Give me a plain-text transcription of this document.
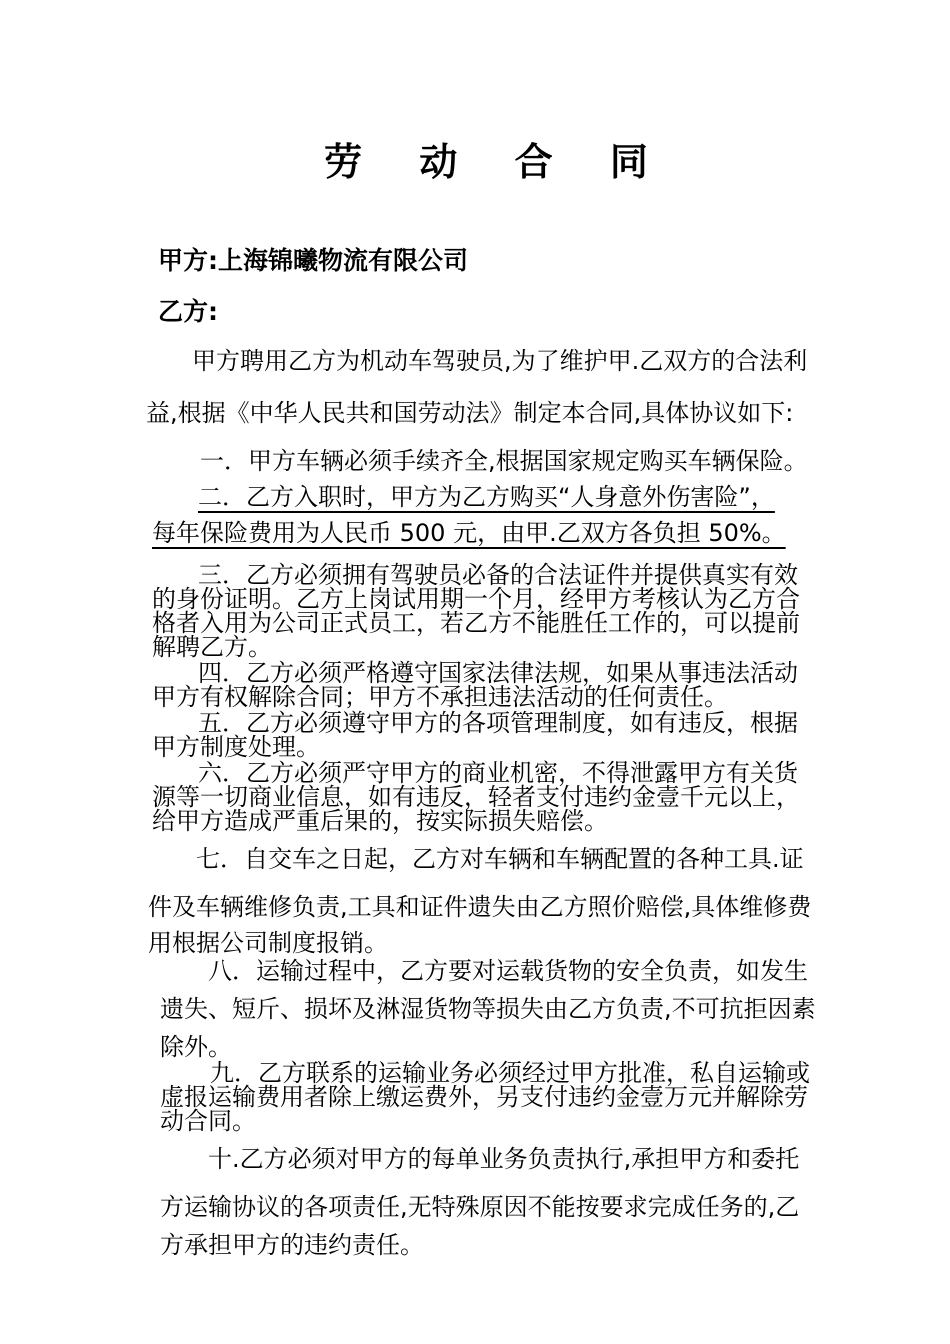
劳 动 合 同

甲方:上海锦曦物流有限公司

乙方:

甲方聘用乙方为机动车驾驶员,为了维护甲.乙双方的合法利

益,根据《中华人民共和国劳动法》制定本合同,具体协议如下:

一．甲方车辆必须手续齐全,根据国家规定购买车辆保险。

二．乙方入职时，甲方为乙方购买“人身意外伤害险”，

每年保险费用为人民币 500 元，由甲.乙双方各负担 50%。

三．乙方必须拥有驾驶员必备的合法证件并提供真实有效

的身份证明。乙方上岗试用期一个月，经甲方考核认为乙方合

格者入用为公司正式员工，若乙方不能胜任工作的，可以提前

解聘乙方。

四．乙方必须严格遵守国家法律法规，如果从事违法活动

甲方有权解除合同；甲方不承担违法活动的任何责任。

五．乙方必须遵守甲方的各项管理制度，如有违反，根据

甲方制度处理。

六．乙方必须严守甲方的商业机密，不得泄露甲方有关货

源等一切商业信息，如有违反，轻者支付违约金壹千元以上，

给甲方造成严重后果的，按实际损失赔偿。

七．自交车之日起，乙方对车辆和车辆配置的各种工具.证

件及车辆维修负责,工具和证件遗失由乙方照价赔偿,具体维修费

用根据公司制度报销。

八．运输过程中，乙方要对运载货物的安全负责，如发生

遗失、短斤、损坏及淋湿货物等损失由乙方负责,不可抗拒因素

除外。

九．乙方联系的运输业务必须经过甲方批准，私自运输或

虚报运输费用者除上缴运费外，另支付违约金壹万元并解除劳

动合同。

十.乙方必须对甲方的每单业务负责执行,承担甲方和委托

方运输协议的各项责任,无特殊原因不能按要求完成任务的,乙

方承担甲方的违约责任。
